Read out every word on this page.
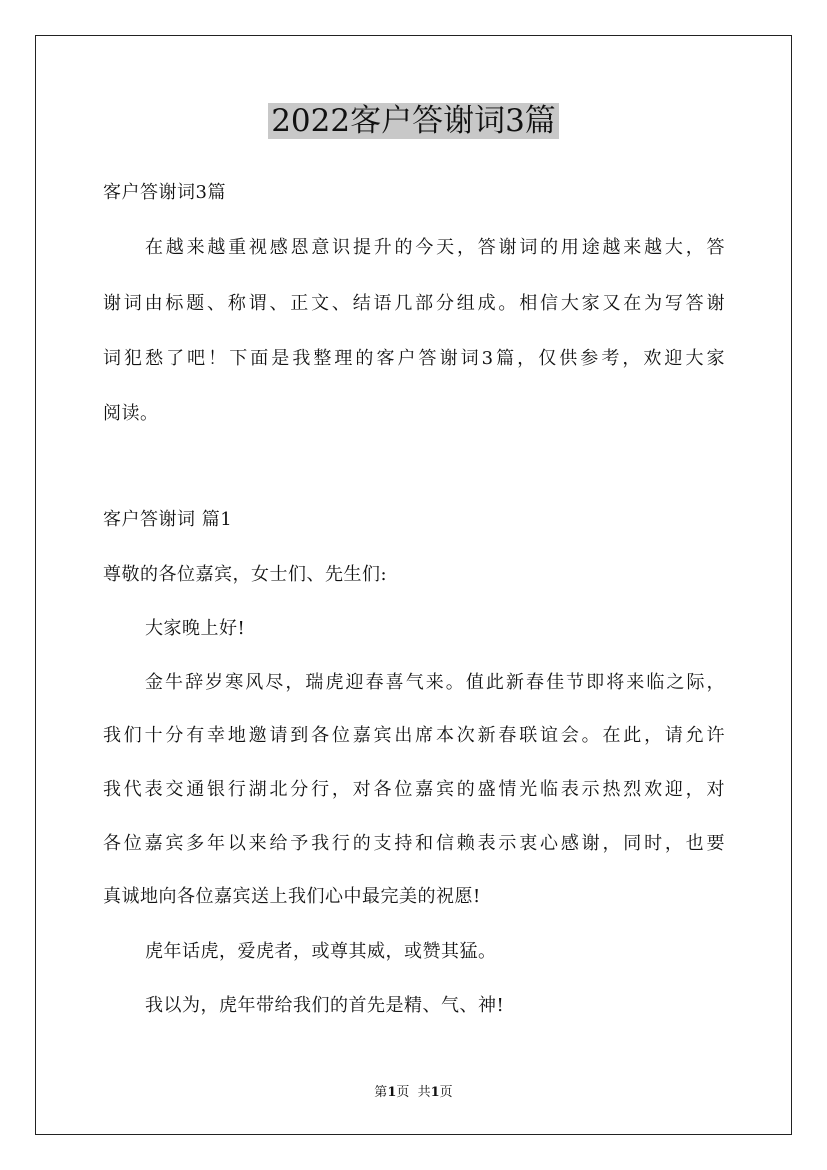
2022客户答谢词3篇
客户答谢词3篇
在越来越重视感恩意识提升的今天，答谢词的用途越来越大，答
谢词由标题、称谓、正文、结语几部分组成。相信大家又在为写答谢
词犯愁了吧！下面是我整理的客户答谢词3篇，仅供参考，欢迎大家
阅读。
客户答谢词 篇1
尊敬的各位嘉宾，女士们、先生们:
大家晚上好!
金牛辞岁寒风尽，瑞虎迎春喜气来。值此新春佳节即将来临之际，
我们十分有幸地邀请到各位嘉宾出席本次新春联谊会。在此，请允许
我代表交通银行湖北分行，对各位嘉宾的盛情光临表示热烈欢迎，对
各位嘉宾多年以来给予我行的支持和信赖表示衷心感谢，同时，也要
真诚地向各位嘉宾送上我们心中最完美的祝愿!
虎年话虎，爱虎者，或尊其威，或赞其猛。
我以为，虎年带给我们的首先是精、气、神!
第1页  共1页
